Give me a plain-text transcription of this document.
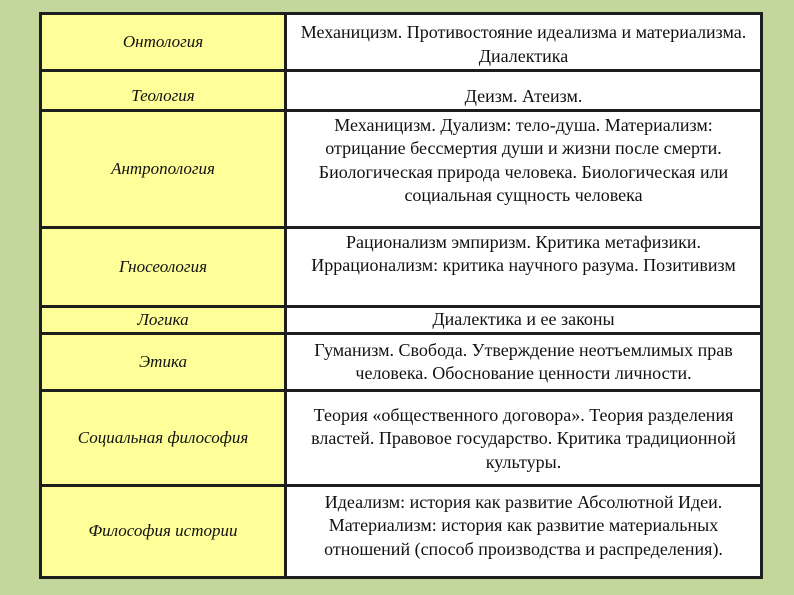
Онтология	Механицизм. Противостояние идеализма и материализма. Диалектика

Теология	Деизм. Атеизм.

Антропология	Механицизм. Дуализм: тело-душа. Материализм: отрицание бессмертия души и жизни после смерти. Биологическая природа человека. Биологическая или социальная сущность человека

Гносеология	Рационализм эмпиризм. Критика метафизики. Иррационализм: критика научного разума. Позитивизм

Логика	Диалектика и ее законы

Этика	Гуманизм. Свобода. Утверждение неотъемлимых прав человека. Обоснование ценности личности.

Социальная философия	Теория «общественного договора». Теория разделения властей. Правовое государство. Критика традиционной культуры.

Философия истории	Идеализм: история как развитие Абсолютной Идеи. Материализм: история как развитие материальных отношений (способ производства и распределения).
